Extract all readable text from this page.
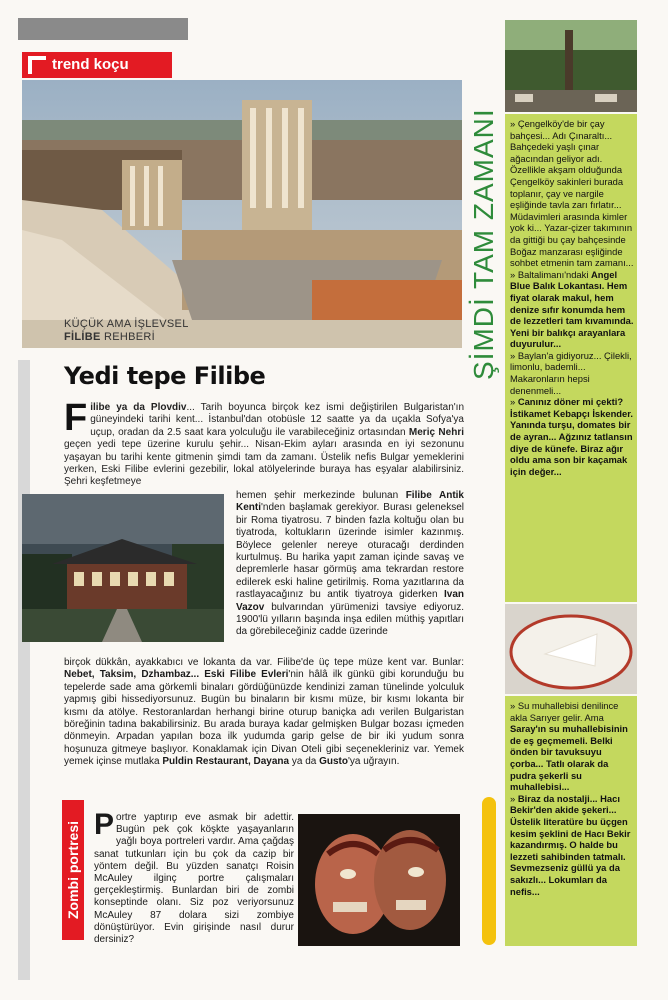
trend koçu
KÜÇÜK AMA İŞLEVSEL
FİLİBE REHBERİ
Yedi tepe Filibe

Filibe ya da Plovdiv... Tarih boyunca birçok kez ismi değiştirilen Bulgaristan'ın güneyindeki tarihi kent... İstanbul'dan otobüsle 12 saatte ya da uçakla Sofya'ya uçup, oradan da 2.5 saat kara yolculuğu ile varabileceğiniz ortasından Meriç Nehri geçen yedi tepe üzerine kurulu şehir... Nisan-Ekim ayları arasında en iyi sezonunu yaşayan bu tarihi kente gitmenin şimdi tam da zamanı. Üstelik nefis Bulgar yemeklerini yerken, Eski Filibe evlerini gezebilir, lokal atölyelerinde buraya has eşyalar alabilirsiniz. Şehri keşfetmeye

hemen şehir merkezinde bulunan Filibe Antik Kenti'nden başlamak gerekiyor. Burası geleneksel bir Roma tiyatrosu. 7 binden fazla koltuğu olan bu tiyatroda, koltukların üzerinde isimler kazınmış. Böylece gelenler nereye oturacağı derdinden kurtulmuş. Bu harika yapıt zaman içinde savaş ve depremlerle hasar görmüş ama tekrardan restore edilerek eski haline getirilmiş. Roma yazıtlarına da rastlayacağınız bu antik tiyatroya giderken Ivan Vazov bulvarından yürümenizi tavsiye ediyoruz. 1900'lü yılların başında inşa edilen müthiş yapıtları da görebileceğiniz cadde üzerinde
birçok dükkân, ayakkabıcı ve lokanta da var. Filibe'de üç tepe müze kent var. Bunlar: Nebet, Taksim, Dzhambaz... Eski Filibe Evleri'nin hâlâ ilk günkü gibi korunduğu bu tepelerde sade ama görkemli binaları gördüğünüzde kendinizi zaman tünelinde yolculuk yapmış gibi hissediyorsunuz. Bugün bu binaların bir kısmı müze, bir kısmı lokanta bir kısmı da atölye. Restoranlardan herhangi birine oturup baniçka adı verilen Bulgaristan böreğinin tadına bakabilirsiniz. Bu arada buraya kadar gelmişken Bulgar bozası içmeden dönmeyin. Arpadan yapılan boza ilk yudumda garip gelse de bir iki yudum sonra hoşunuza gitmeye başlıyor. Konaklamak için Divan Oteli gibi seçenekleriniz var. Yemek yemek içinse mutlaka Puldin Restaurant, Dayana ya da Gusto'ya uğrayın.
Zombi portresi Portre yaptırıp eve asmak bir adettir. Bugün pek çok köşkte yaşayanların yağlı boya portreleri vardır. Ama çağdaş sanat tutkunları için bu çok da cazip bir yöntem değil. Bu yüzden sanatçı Roisin McAuley ilginç portre çalışmaları gerçekleştirmiş. Bunlardan biri de zombi konseptinde olanı. Siz poz veriyorsunuz McAuley 87 dolara sizi zombiye dönüştürüyor. Evin girişinde nasıl durur dersiniz?
ŞİMDİ TAM ZAMANI	» Çengelköy'de bir çay bahçesi... Adı Çınaraltı... Bahçedeki yaşlı çınar ağacından geliyor adı. Özellikle akşam olduğunda Çengelköy sakinleri burada toplanır, çay ve nargile eşliğinde tavla zarı fırlatır... Müdavimleri arasında kimler yok ki... Yazar-çizer takımının da gittiği bu çay bahçesinde Boğaz manzarası eşliğinde sohbet etmenin tam zamanı...

» Baltalimanı'ndaki Angel Blue Balık Lokantası. Hem fiyat olarak makul, hem denize sıfır konumda hem de lezzetleri tam kıvamında. Yeni bir balıkçı arayanlara duyurulur...

» Baylan'a gidiyoruz... Çilekli, limonlu, bademli... Makaronların hepsi denenmeli...

» Canınız döner mi çekti? İstikamet Kebapçı İskender. Yanında turşu, domates bir de ayran... Ağzınız tatlansın diye de künefe. Biraz ağır oldu ama son bir kaçamak için değer...

» Su muhallebisi denilince akla Sarıyer gelir. Ama Saray'ın su muhallebisinin de eş geçmemeli. Belki önden bir tavuksuyu çorba... Tatlı olarak da pudra şekerli su muhallebisi...

» Biraz da nostalji... Hacı Bekir'den akide şekeri... Üstelik literatüre bu üçgen kesim şeklini de Hacı Bekir kazandırmış. O halde bu lezzeti sahibinden tatmalı. Sevmezseniz güllü ya da sakızlı... Lokumları da nefis...
